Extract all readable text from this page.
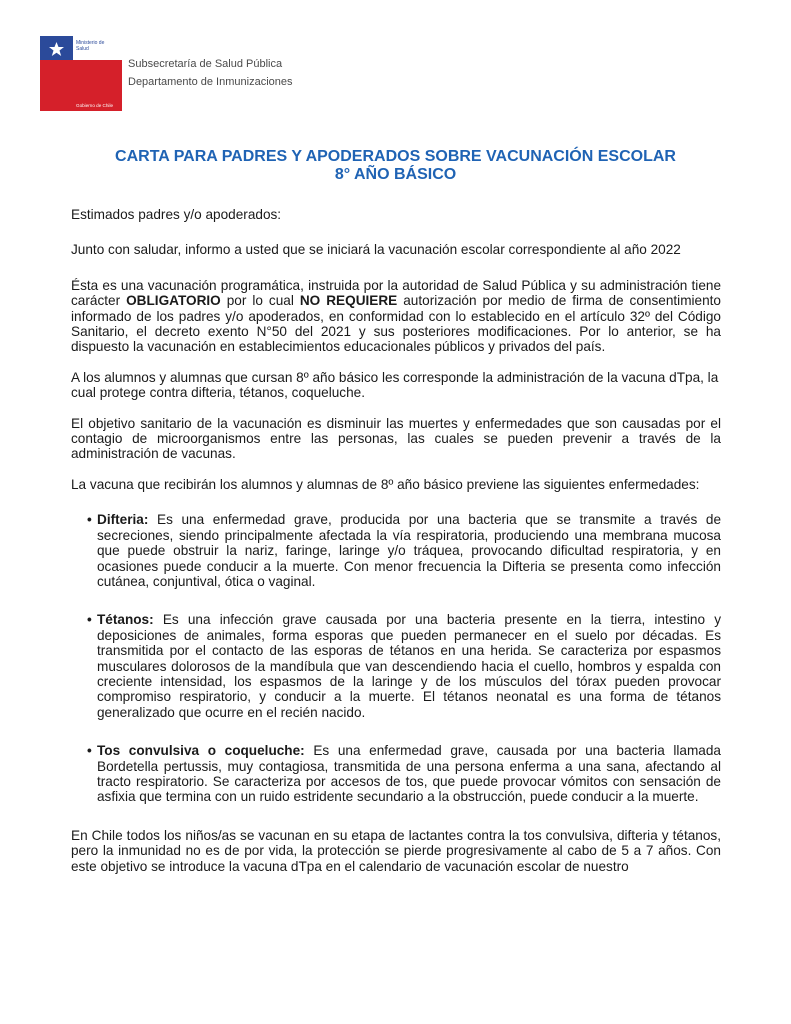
Ministerio de
Salud
Gobierno de Chile
Subsecretaría de Salud Pública
Departamento de Inmunizaciones
CARTA PARA PADRES Y APODERADOS SOBRE VACUNACIÓN ESCOLAR
8° AÑO BÁSICO

Estimados padres y/o apoderados:

Junto con saludar, informo a usted que se iniciará la vacunación escolar correspondiente al año 2022

Ésta es una vacunación programática, instruida por la autoridad de Salud Pública y su administración tiene carácter OBLIGATORIO por lo cual NO REQUIERE autorización por medio de firma de consentimiento informado de los padres y/o apoderados, en conformidad con lo establecido en el artículo 32º del Código Sanitario, el decreto exento N°50 del 2021 y sus posteriores modificaciones. Por lo anterior, se ha dispuesto la vacunación en establecimientos educacionales públicos y privados del país.

A los alumnos y alumnas que cursan 8º año básico les corresponde la administración de la vacuna dTpa, la cual protege contra difteria, tétanos, coqueluche.

El objetivo sanitario de la vacunación es disminuir las muertes y enfermedades que son causadas por el contagio de microorganismos entre las personas, las cuales se pueden prevenir a través de la administración de vacunas.

La vacuna que recibirán los alumnos y alumnas de 8º año básico previene las siguientes enfermedades:

• Difteria: Es una enfermedad grave, producida por una bacteria que se transmite a través de secreciones, siendo principalmente afectada la vía respiratoria, produciendo una membrana mucosa que puede obstruir la nariz, faringe, laringe y/o tráquea, provocando dificultad respiratoria, y en ocasiones puede conducir a la muerte. Con menor frecuencia la Difteria se presenta como infección cutánea, conjuntival, ótica o vaginal.
• Tétanos: Es una infección grave causada por una bacteria presente en la tierra, intestino y deposiciones de animales, forma esporas que pueden permanecer en el suelo por décadas. Es transmitida por el contacto de las esporas de tétanos en una herida. Se caracteriza por espasmos musculares dolorosos de la mandíbula que van descendiendo hacia el cuello, hombros y espalda con creciente intensidad, los espasmos de la laringe y de los músculos del tórax pueden provocar compromiso respiratorio, y conducir a la muerte. El tétanos neonatal es una forma de tétanos generalizado que ocurre en el recién nacido.
• Tos convulsiva o coqueluche: Es una enfermedad grave, causada por una bacteria llamada Bordetella pertussis, muy contagiosa, transmitida de una persona enferma a una sana, afectando al tracto respiratorio. Se caracteriza por accesos de tos, que puede provocar vómitos con sensación de asfixia que termina con un ruido estridente secundario a la obstrucción, puede conducir a la muerte.

En Chile todos los niños/as se vacunan en su etapa de lactantes contra la tos convulsiva, difteria y tétanos, pero la inmunidad no es de por vida, la protección se pierde progresivamente al cabo de 5 a 7 años. Con este objetivo se introduce la vacuna dTpa en el calendario de vacunación escolar de nuestro
